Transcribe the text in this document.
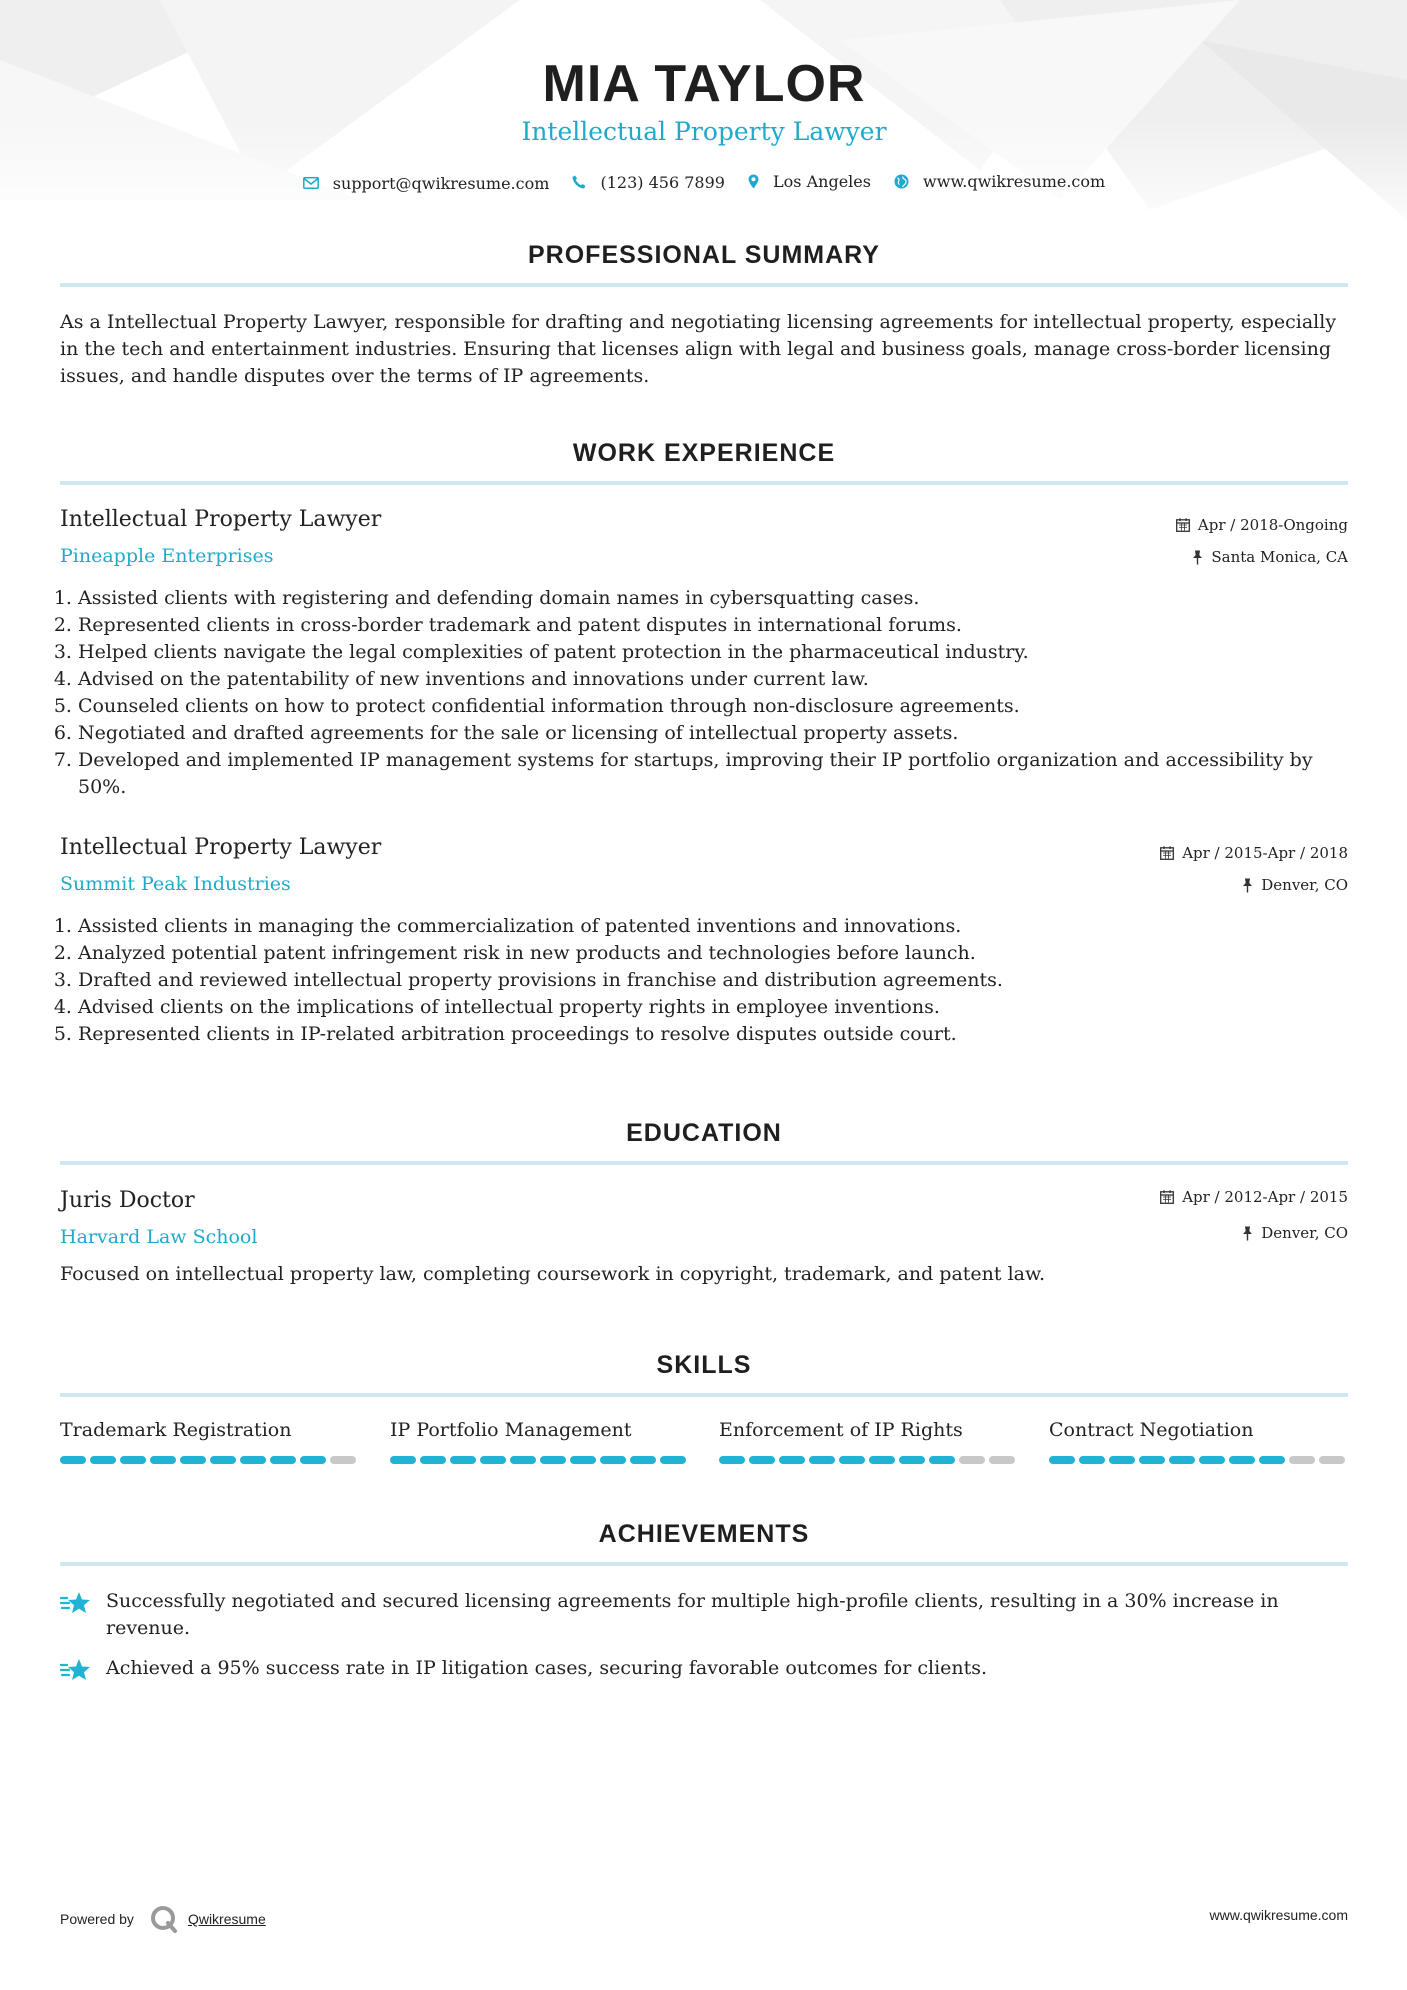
MIA TAYLOR
Intellectual Property Lawyer
support@qwikresume.com
	(123) 456 7899
	Los Angeles
	www.qwikresume.com
PROFESSIONAL SUMMARY
As a Intellectual Property Lawyer, responsible for drafting and negotiating licensing agreements for intellectual property, especially in the tech and entertainment industries. Ensuring that licenses align with legal and business goals, manage cross-border licensing issues, and handle disputes over the terms of IP agreements.
WORK EXPERIENCE
Intellectual Property Lawyer
Pineapple Enterprises
Apr / 2018-Ongoing
Santa Monica, CA
1. Assisted clients with registering and defending domain names in cybersquatting cases.
2. Represented clients in cross-border trademark and patent disputes in international forums.
3. Helped clients navigate the legal complexities of patent protection in the pharmaceutical industry.
4. Advised on the patentability of new inventions and innovations under current law.
5. Counseled clients on how to protect confidential information through non-disclosure agreements.
6. Negotiated and drafted agreements for the sale or licensing of intellectual property assets.
7. Developed and implemented IP management systems for startups, improving their IP portfolio organization and accessibility by 50%.
Intellectual Property Lawyer
Summit Peak Industries
Apr / 2015-Apr / 2018
Denver, CO
1. Assisted clients in managing the commercialization of patented inventions and innovations.
2. Analyzed potential patent infringement risk in new products and technologies before launch.
3. Drafted and reviewed intellectual property provisions in franchise and distribution agreements.
4. Advised clients on the implications of intellectual property rights in employee inventions.
5. Represented clients in IP-related arbitration proceedings to resolve disputes outside court.
EDUCATION
Juris Doctor
Harvard Law School
Apr / 2012-Apr / 2015
Denver, CO
Focused on intellectual property law, completing coursework in copyright, trademark, and patent law.
SKILLS
Trademark Registration	IP Portfolio Management	Enforcement of IP Rights	Contract Negotiation
ACHIEVEMENTS
Successfully negotiated and secured licensing agreements for multiple high-profile clients, resulting in a 30% increase in revenue.
Achieved a 95% success rate in IP litigation cases, securing favorable outcomes for clients.
Powered by	Qwikresume	www.qwikresume.com
